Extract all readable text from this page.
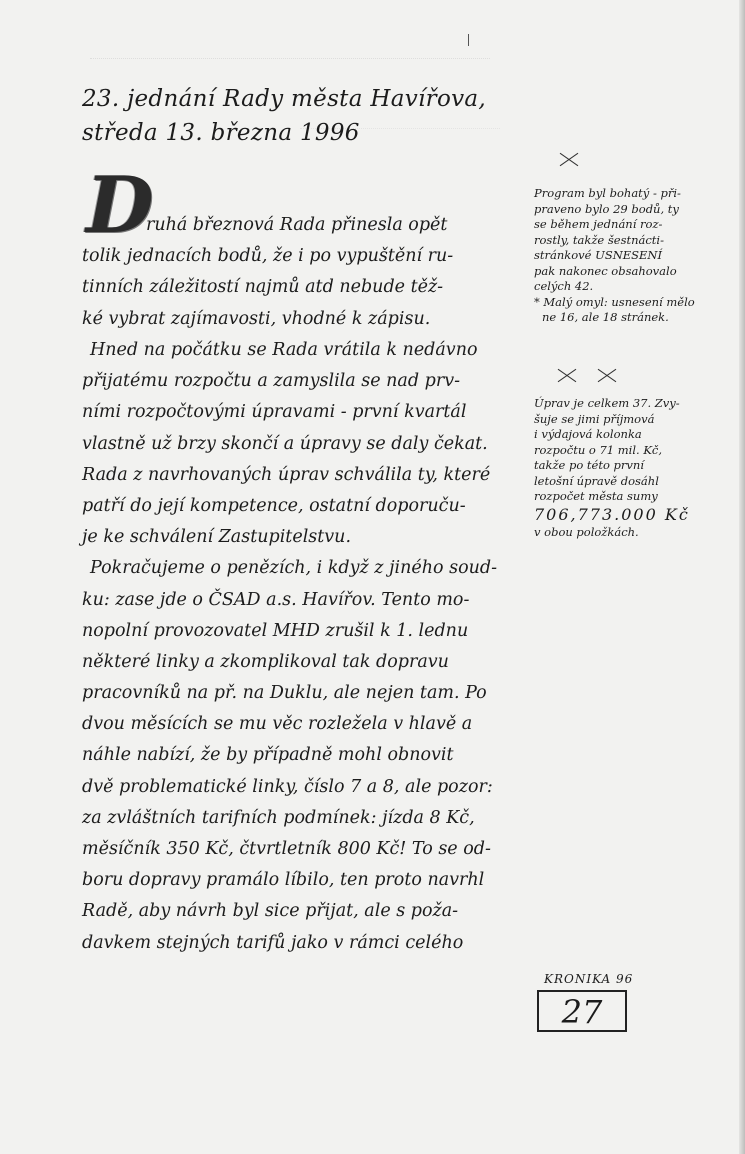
23. jednání Rady města Havířova,
středa 13. března 1996
D
ruhá březnová Rada přinesla opět
tolik jednacích bodů, že i po vypuštění ru-
tinních záležitostí najmů atd nebude těž-
ké vybrat zajímavosti, vhodné k zápisu.
Hned na počátku se Rada vrátila k nedávno
přijatému rozpočtu a zamyslila se nad prv-
ními rozpočtovými úpravami - první kvartál
vlastně už brzy skončí a úpravy se daly čekat.
Rada z navrhovaných úprav schválila ty, které
patří do její kompetence, ostatní doporuču-
je ke schválení Zastupitelstvu.
Pokračujeme o penězích, i když z jiného soud-
ku: zase jde o ČSAD a.s. Havířov. Tento mo-
nopolní provozovatel MHD zrušil k 1. lednu
některé linky a zkomplikoval tak dopravu
pracovníků na př. na Duklu, ale nejen tam. Po
dvou měsících se mu věc rozležela v hlavě a
náhle nabízí, že by případně mohl obnovit
dvě problematické linky, číslo 7 a 8, ale pozor:
za zvláštních tarifních podmínek: jízda 8 Kč,
měsíčník 350 Kč, čtvrtletník 800 Kč! To se od-
boru dopravy pramálo líbilo, ten proto navrhl
Radě, aby návrh byl sice přijat, ale s poža-
davkem stejných tarifů jako v rámci celého
Program byl bohatý - při-
praveno bylo 29 bodů, ty
se během jednání roz-
rostly, takže šestnácti-
stránkové USNESENÍ
pak nakonec obsahovalo
celých 42.
* Malý omyl: usnesení mělo
ne 16, ale 18 stránek.
Úprav je celkem 37. Zvy-
šuje se jimi příjmová
i výdajová kolonka
rozpočtu o 71 mil. Kč,
takže po této první
letošní úpravě dosáhl
rozpočet města sumy
706,773.000 Kč
v obou položkách.
KRONIKA 96
27
